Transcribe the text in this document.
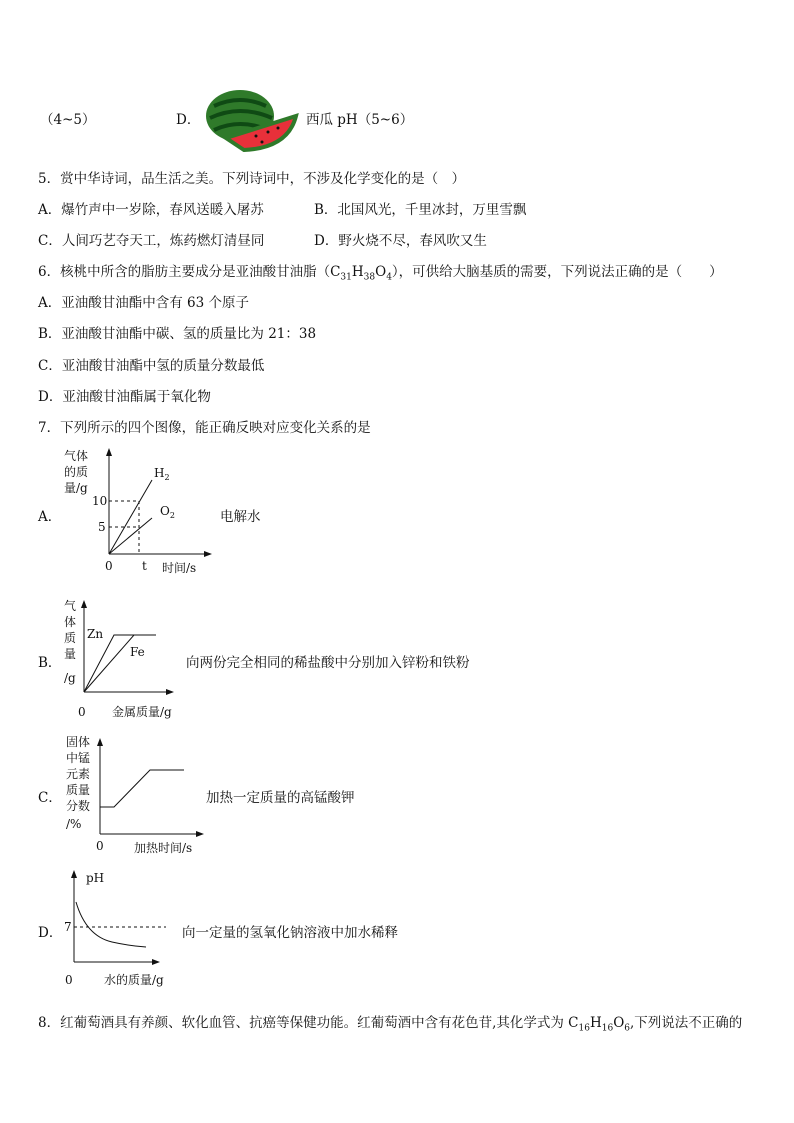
（4~5）	D．	西瓜 pH（5~6）
5．赏中华诗词，品生活之美。下列诗词中，不涉及化学变化的是（　）
A．爆竹声中一岁除，春风送暖入屠苏	B．北国风光，千里冰封，万里雪飘
C．人间巧艺夺天工，炼药燃灯清昼同	D．野火烧不尽，春风吹又生
6．核桃中所含的脂肪主要成分是亚油酸甘油脂$(C_{31}H_{38}O_4)$，可供给大脑基质的需要，下列说法正确的是（　　）
A．亚油酸甘油酯中含有 63 个原子
B．亚油酸甘油酯中碳、氢的质量比为 21：38
C．亚油酸甘油酯中氢的质量分数最低
D．亚油酸甘油酯属于氧化物
7．下列所示的四个图像，能正确反映对应变化关系的是
A．
气体
的质
量/g
10
5
0 t 时间/s
$H_2$
$O_2$	电解水
B．
气
体
质
量
/g
Zn
Fe
0 金属质量/g
向两份完全相同的稀盐酸中分别加入锌粉和铁粉
C．
固体
中锰
元素
质量
分数
/%
0	加热时间/s
加热一定质量的高锰酸钾
D．
pH
7
0	水的质量/g
向一定量的氢氧化钠溶液中加水稀释
8．红葡萄酒具有养颜、软化血管、抗癌等保健功能。红葡萄酒中含有花色苷,其化学式为 $C_{16}H_{16}O_6$,下列说法不正确的
